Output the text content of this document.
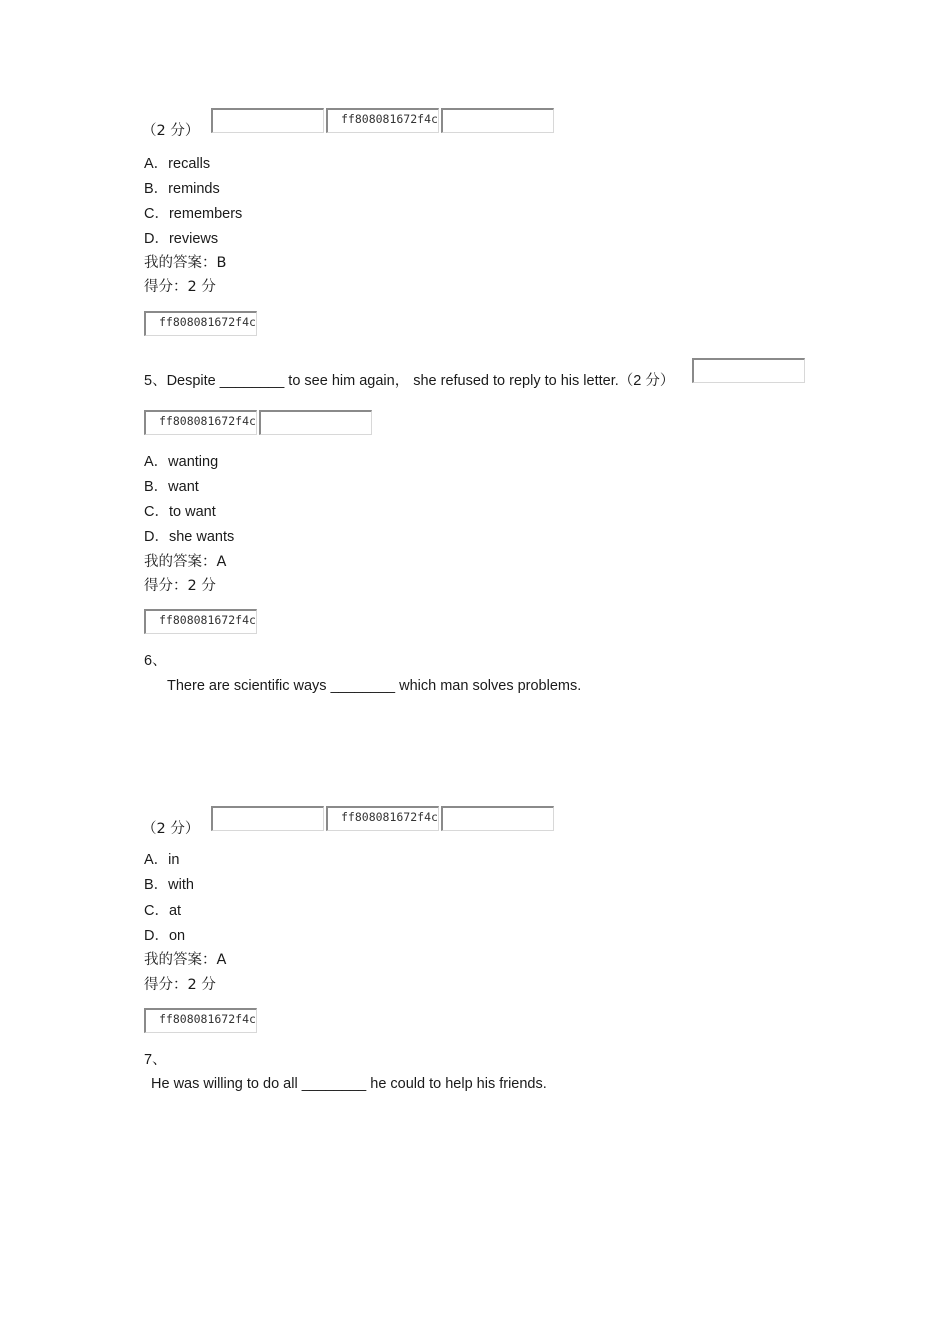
（2 分）
ff808081672f4c
A．recalls
B．reminds
C．remembers
D．reviews
我的答案：B
得分：2 分
ff808081672f4c
5、Despite ________ to see him again， she refused to reply to his letter.（2 分）
ff808081672f4c
A．wanting
B．want
C．to want
D．she wants
我的答案：A
得分：2 分
ff808081672f4c
6、
There are scientific ways ________ which man solves problems.
（2 分）
ff808081672f4c
A．in
B．with
C．at
D．on
我的答案：A
得分：2 分
ff808081672f4c
7、
He was willing to do all ________ he could to help his friends.
